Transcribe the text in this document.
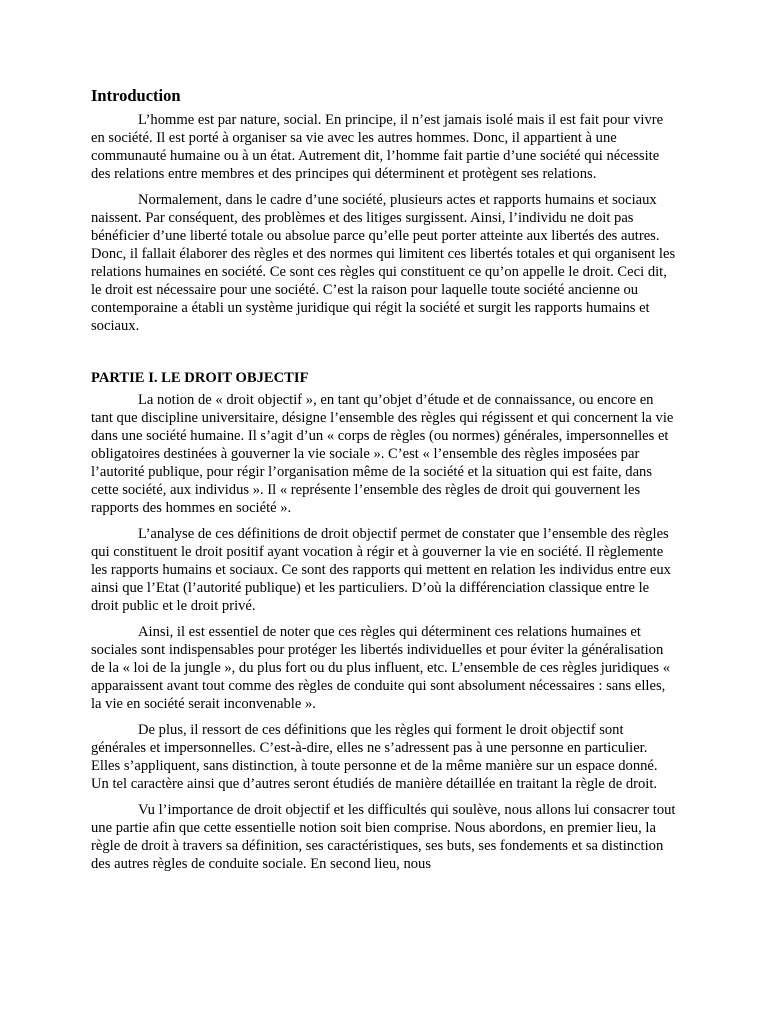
Introduction

L’homme est par nature, social. En principe, il n’est jamais isolé mais il est fait pour vivre en société. Il est porté à organiser sa vie avec les autres hommes. Donc, il appartient à une communauté humaine ou à un état. Autrement dit, l’homme fait partie d’une société qui nécessite des relations entre membres et des principes qui déterminent et protègent ses relations.

Normalement, dans le cadre d’une société, plusieurs actes et rapports humains et sociaux naissent. Par conséquent, des problèmes et des litiges surgissent. Ainsi, l’individu ne doit pas bénéficier d’une liberté totale ou absolue parce qu’elle peut porter atteinte aux libertés des autres. Donc, il fallait élaborer des règles et des normes qui limitent ces libertés totales et qui organisent les relations humaines en société. Ce sont ces règles qui constituent ce qu’on appelle le droit. Ceci dit, le droit est nécessaire pour une société. C’est la raison pour laquelle toute société ancienne ou contemporaine a établi un système juridique qui régit la société et surgit les rapports humains et sociaux.

PARTIE I. LE DROIT OBJECTIF

La notion de « droit objectif », en tant qu’objet d’étude et de connaissance, ou encore en tant que discipline universitaire, désigne l’ensemble des règles qui régissent et qui concernent la vie dans une société humaine. Il s’agit d’un « corps de règles (ou normes) générales, impersonnelles et obligatoires destinées à gouverner la vie sociale ». C’est « l’ensemble des règles imposées par l’autorité publique, pour régir l’organisation même de la société et la situation qui est faite, dans cette société, aux individus ». Il « représente l’ensemble des règles de droit qui gouvernent les rapports des hommes en société ».

L’analyse de ces définitions de droit objectif permet de constater que l’ensemble des règles qui constituent le droit positif ayant vocation à régir et à gouverner la vie en société. Il règlemente les rapports humains et sociaux. Ce sont des rapports qui mettent en relation les individus entre eux ainsi que l’Etat (l’autorité publique) et les particuliers. D’où la différenciation classique entre le droit public et le droit privé.

Ainsi, il est essentiel de noter que ces règles qui déterminent ces relations humaines et sociales sont indispensables pour protéger les libertés individuelles et pour éviter la généralisation de la « loi de la jungle », du plus fort ou du plus influent, etc. L’ensemble de ces règles juridiques « apparaissent avant tout comme des règles de conduite qui sont absolument nécessaires : sans elles, la vie en société serait inconvenable ».

De plus, il ressort de ces définitions que les règles qui forment le droit objectif sont générales et impersonnelles. C’est-à-dire, elles ne s’adressent pas à une personne en particulier. Elles s’appliquent, sans distinction, à toute personne et de la même manière sur un espace donné. Un tel caractère ainsi que d’autres seront étudiés de manière détaillée en traitant la règle de droit.

Vu l’importance de droit objectif et les difficultés qui soulève, nous allons lui consacrer tout une partie afin que cette essentielle notion soit bien comprise. Nous abordons, en premier lieu, la règle de droit à travers sa définition, ses caractéristiques, ses buts, ses fondements et sa distinction des autres règles de conduite sociale. En second lieu, nous
